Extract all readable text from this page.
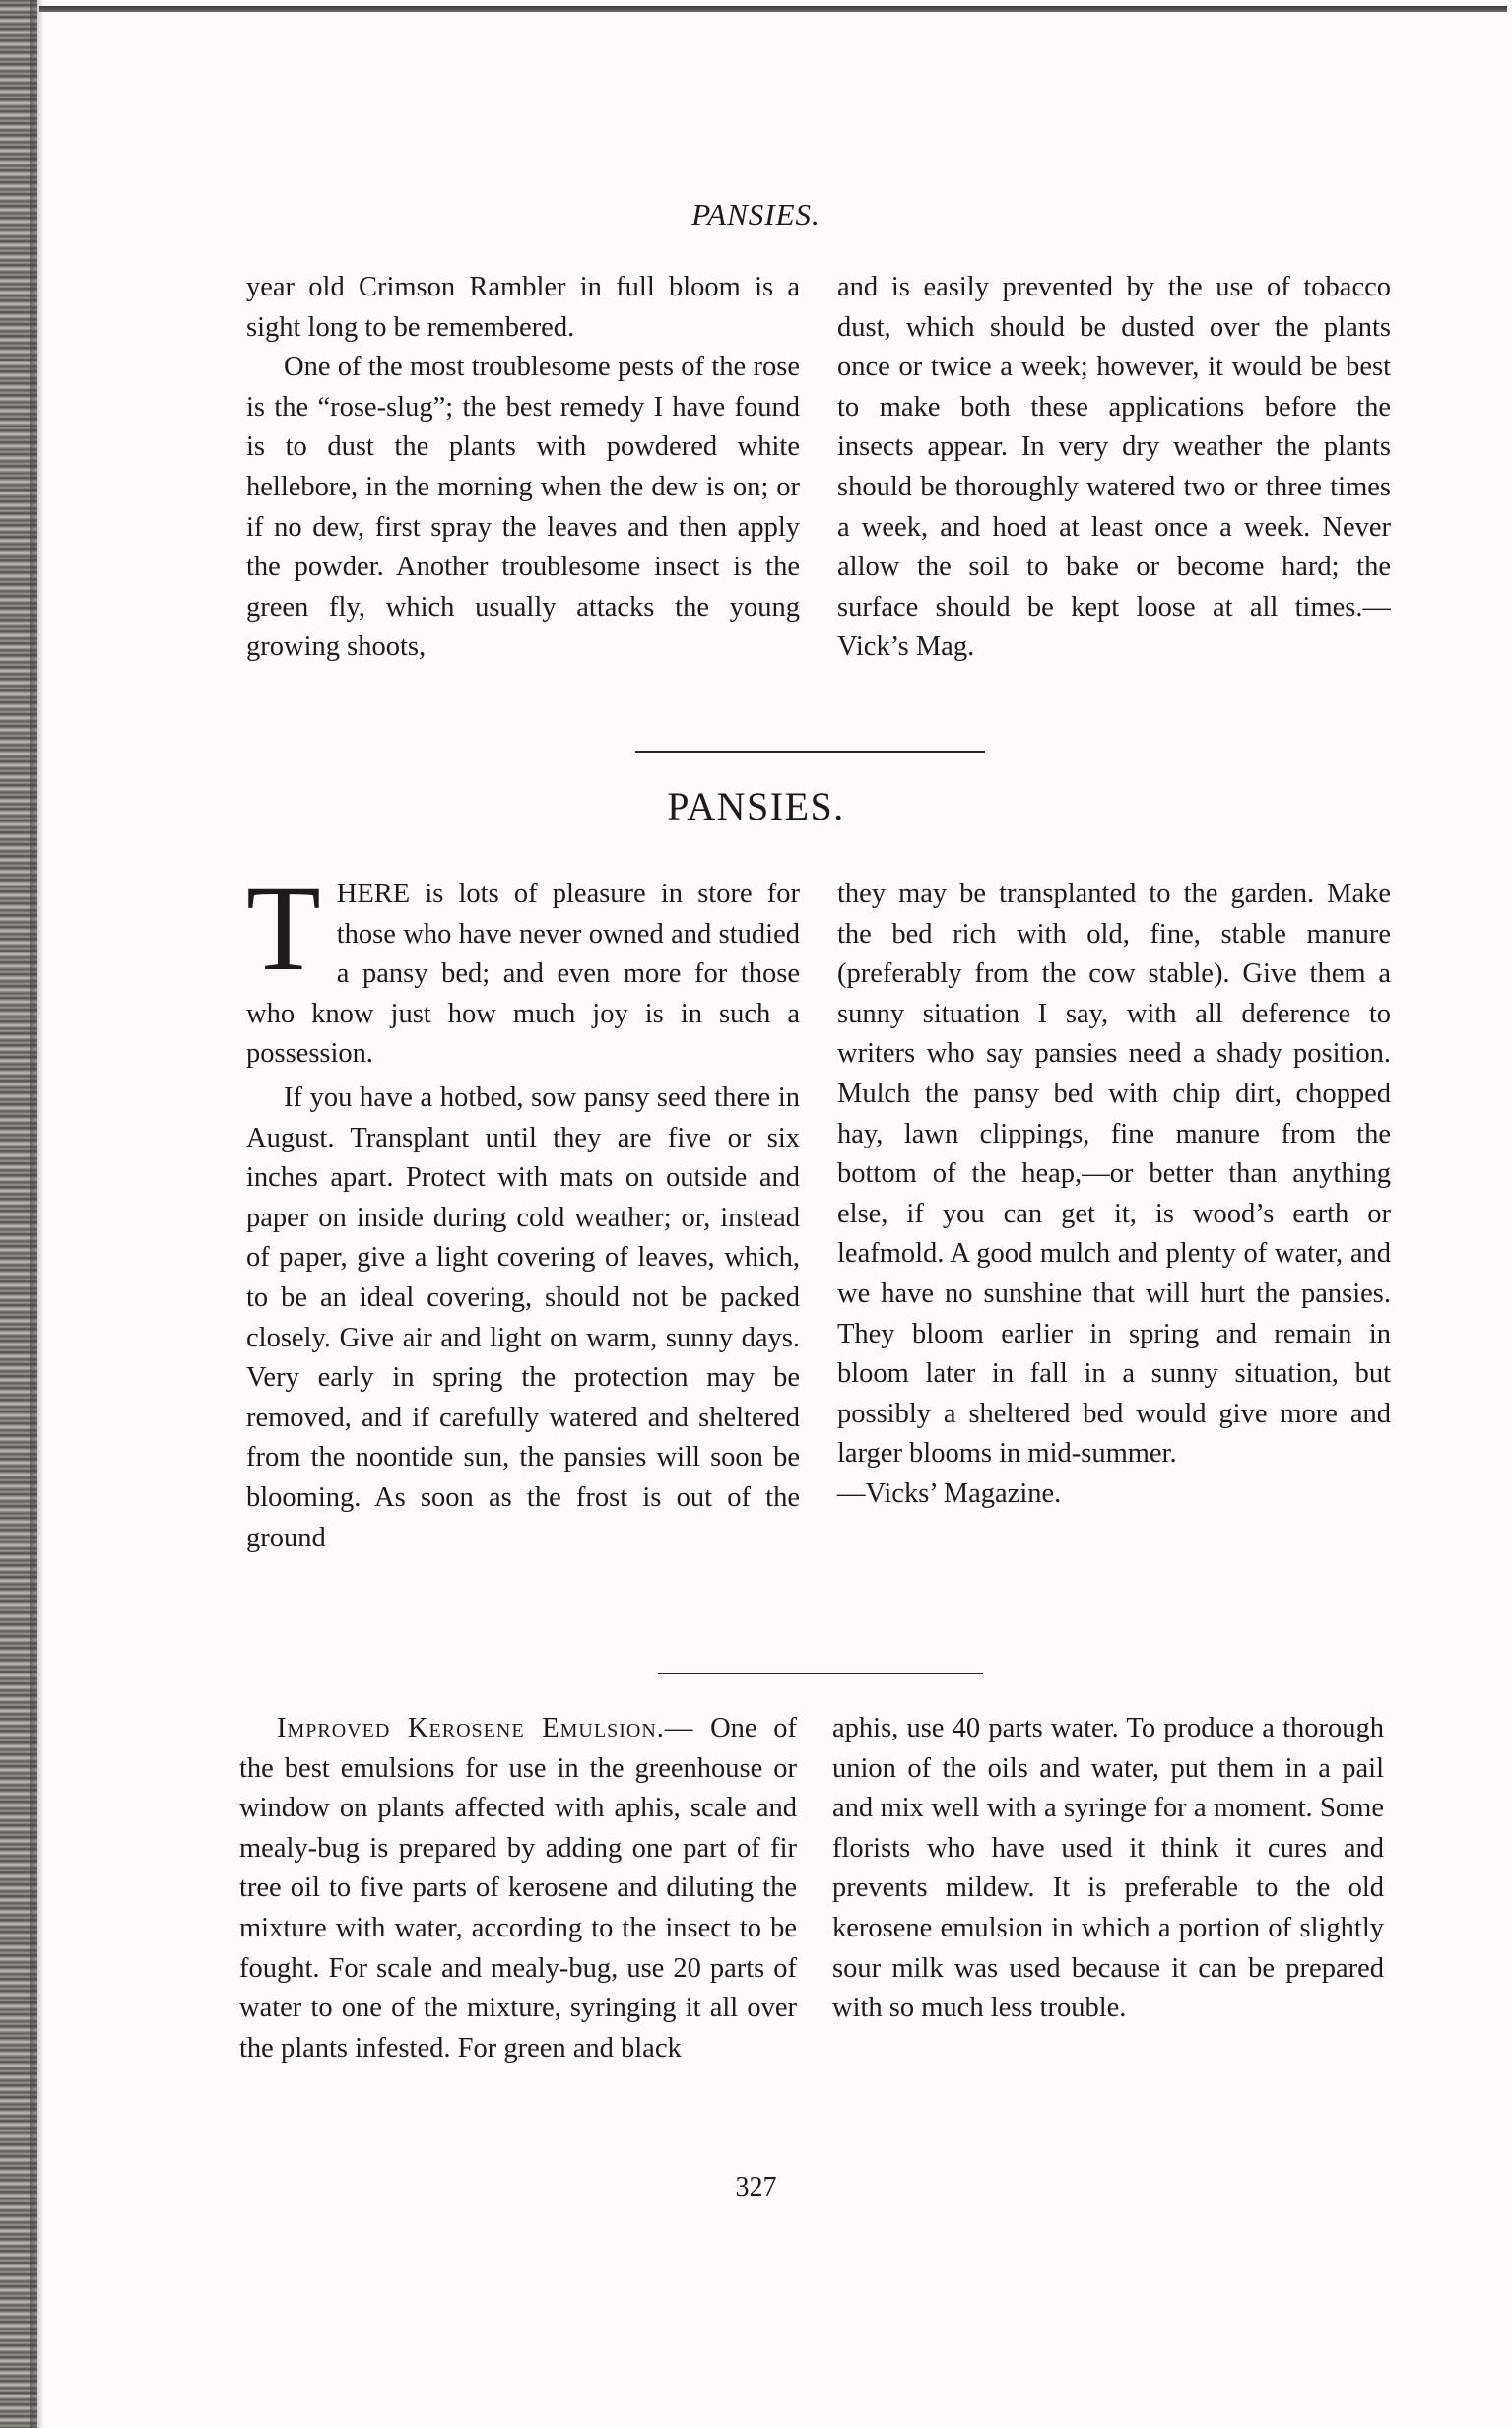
PANSIES.

year old Crimson Rambler in full bloom is a sight long to be remembered.

One of the most troublesome pests of the rose is the “rose-slug”; the best remedy I have found is to dust the plants with powdered white hellebore, in the morning when the dew is on; or if no dew, first spray the leaves and then apply the powder. Another troublesome insect is the green fly, which usually attacks the young growing shoots,

and is easily prevented by the use of tobacco dust, which should be dusted over the plants once or twice a week; however, it would be best to make both these applications before the insects appear. In very dry weather the plants should be thoroughly watered two or three times a week, and hoed at least once a week. Never allow the soil to bake or become hard; the surface should be kept loose at all times.—Vick’s Mag.

PANSIES.

THERE is lots of pleasure in store for those who have never owned and studied a pansy bed; and even more for those who know just how much joy is in such a possession.

If you have a hotbed, sow pansy seed there in August. Transplant until they are five or six inches apart. Protect with mats on outside and paper on inside during cold weather; or, instead of paper, give a light covering of leaves, which, to be an ideal covering, should not be packed closely. Give air and light on warm, sunny days. Very early in spring the protection may be removed, and if carefully watered and sheltered from the noontide sun, the pansies will soon be blooming. As soon as the frost is out of the ground

they may be transplanted to the garden. Make the bed rich with old, fine, stable manure (preferably from the cow stable). Give them a sunny situation I say, with all deference to writers who say pansies need a shady position. Mulch the pansy bed with chip dirt, chopped hay, lawn clippings, fine manure from the bottom of the heap,—or better than anything else, if you can get it, is wood’s earth or leafmold. A good mulch and plenty of water, and we have no sunshine that will hurt the pansies. They bloom earlier in spring and remain in bloom later in fall in a sunny situation, but possibly a sheltered bed would give more and larger blooms in mid-summer.

—Vicks’ Magazine.

Improved Kerosene Emulsion.— One of the best emulsions for use in the greenhouse or window on plants affected with aphis, scale and mealy-bug is prepared by adding one part of fir tree oil to five parts of kerosene and diluting the mixture with water, according to the insect to be fought. For scale and mealy-bug, use 20 parts of water to one of the mixture, syringing it all over the plants infested. For green and black

aphis, use 40 parts water. To produce a thorough union of the oils and water, put them in a pail and mix well with a syringe for a moment. Some florists who have used it think it cures and prevents mildew. It is preferable to the old kerosene emulsion in which a portion of slightly sour milk was used because it can be prepared with so much less trouble.

327
